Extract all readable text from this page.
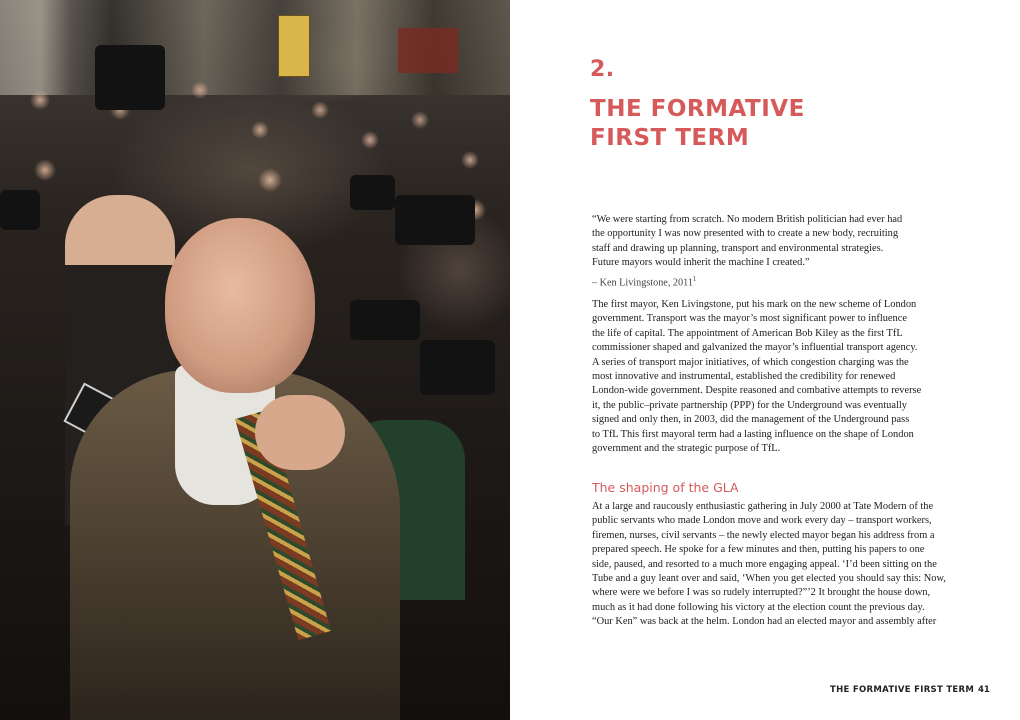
2.
THE FORMATIVE
FIRST TERM
“We were starting from scratch. No modern British politician had ever had
the opportunity I was now presented with to create a new body, recruiting
staff and drawing up planning, transport and environmental strategies.
Future mayors would inherit the machine I created.”
– Ken Livingstone, 2011$^1$
The first mayor, Ken Livingstone, put his mark on the new scheme of London
government. Transport was the mayor’s most significant power to influence
the life of capital. The appointment of American Bob Kiley as the first TfL
commissioner shaped and galvanized the mayor’s influential transport agency.
A series of transport major initiatives, of which congestion charging was the
most innovative and instrumental, established the credibility for renewed
London-wide government. Despite reasoned and combative attempts to reverse
it, the public–private partnership (PPP) for the Underground was eventually
signed and only then, in 2003, did the management of the Underground pass
to TfL This first mayoral term had a lasting influence on the shape of London
government and the strategic purpose of TfL.
The shaping of the GLA
At a large and raucously enthusiastic gathering in July 2000 at Tate Modern of the
public servants who made London move and work every day – transport workers,
firemen, nurses, civil servants – the newly elected mayor began his address from a
prepared speech. He spoke for a few minutes and then, putting his papers to one
side, paused, and resorted to a much more engaging appeal. ‘I’d been sitting on the
Tube and a guy leant over and said, ‘When you get elected you should say this: Now,
where were we before I was so rudely interrupted?”’2 It brought the house down,
much as it had done following his victory at the election count the previous day.
“Our Ken” was back at the helm. London had an elected mayor and assembly after
THE FORMATIVE FIRST TERM 41
